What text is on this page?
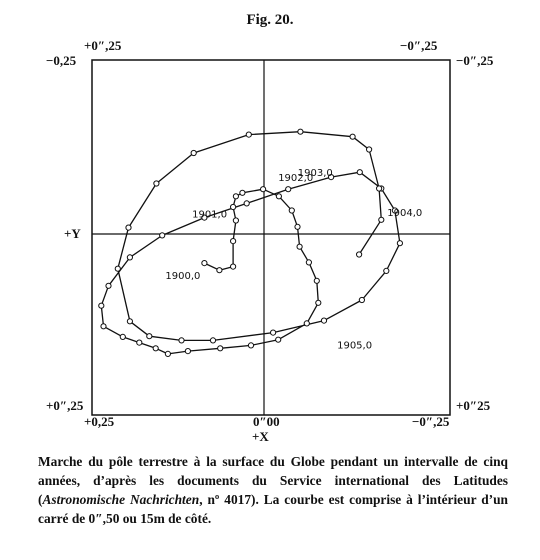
Fig. 20.
1900,0
1901,0
1902,0
1903,0
1904,0
1905,0
+0″,25	−0″,25
−0,25	−0″,25
+Y
+0″,25	+0″25
+0,25	0″00	−0″,25
+X
Marche du pôle terrestre à la surface du Globe pendant un intervalle de cinq années, d’après les documents du Service international des Latitudes (Astronomische Nachrichten, nº 4017). La courbe est comprise à l’intérieur d’un carré de 0″,50 ou 15m de côté.
